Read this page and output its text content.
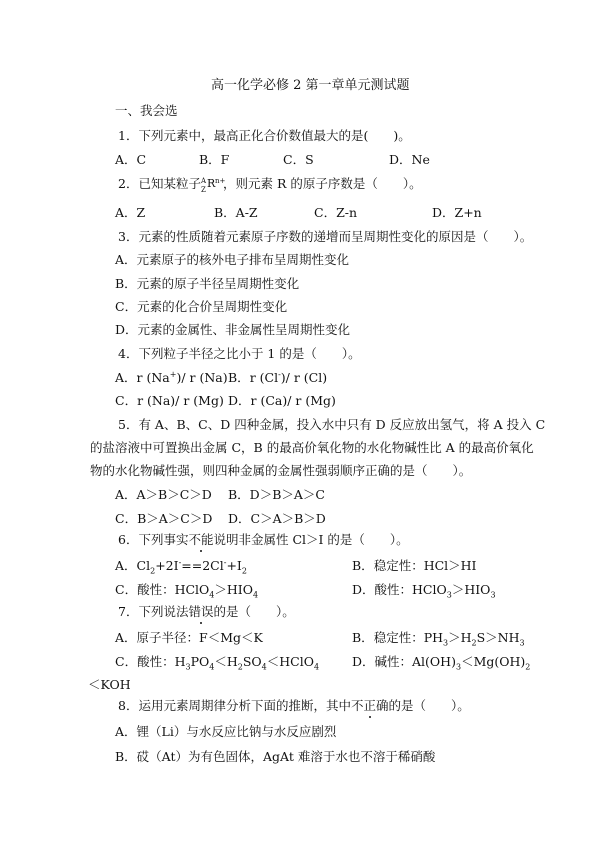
高一化学必修 2 第一章单元测试题
一、我会选
1．下列元素中，最高正化合价数值最大的是(　　)。
A．C	B．F	C．S	D．Ne
2．已知某粒子 A
Z R n+
，则元素 R 的原子序数是（　　）。
A．Z	B．A-Z	C．Z-n	D．Z+n
3．元素的性质随着元素原子序数的递增而呈周期性变化的原因是（　　）。
A．元素原子的核外电子排布呈周期性变化
B．元素的原子半径呈周期性变化
C．元素的化合价呈周期性变化
D．元素的金属性、非金属性呈周期性变化
4．下列粒子半径之比小于 1 的是（　　）。
A．r (Na+)/ r (Na) B．r (Cl-)/ r (Cl)
C．r (Na)/ r (Mg) D．r (Ca)/ r (Mg)
5．有 A、B、C、D 四种金属，投入水中只有 D 反应放出氢气，将 A 投入 C
的盐溶液中可置换出金属 C，B 的最高价氧化物的水化物碱性比 A 的最高价氧化
物的水化物碱性强，则四种金属的金属性强弱顺序正确的是（　　）。
A．A＞B＞C＞D B．D＞B＞A＞C
C．B＞A＞C＞D D．C＞A＞B＞D
6．下列事实不能说明非金属性 Cl＞I 的是（　　）。
A．$Cl_2+2I^-==2Cl^-+I_2$	B．稳定性：HCl＞HI
C．酸性：$HClO_4>HIO_4$	D．酸性：$HClO_3>HIO_3$
7．下列说法错误的是（　　）。
A．原子半径：F＜Mg＜K	B．稳定性：$PH_3>H_2S>NH_3$
C．酸性：$H_3PO_4<H_2SO_4<HClO_4$	D．碱性：$Al(OH)_3<Mg(OH)_2$
＜KOH
8．运用元素周期律分析下面的推断，其中不正确的是（　　）。
A．锂（Li）与水反应比钠与水反应剧烈
B．砹（At）为有色固体，AgAt 难溶于水也不溶于稀硝酸
